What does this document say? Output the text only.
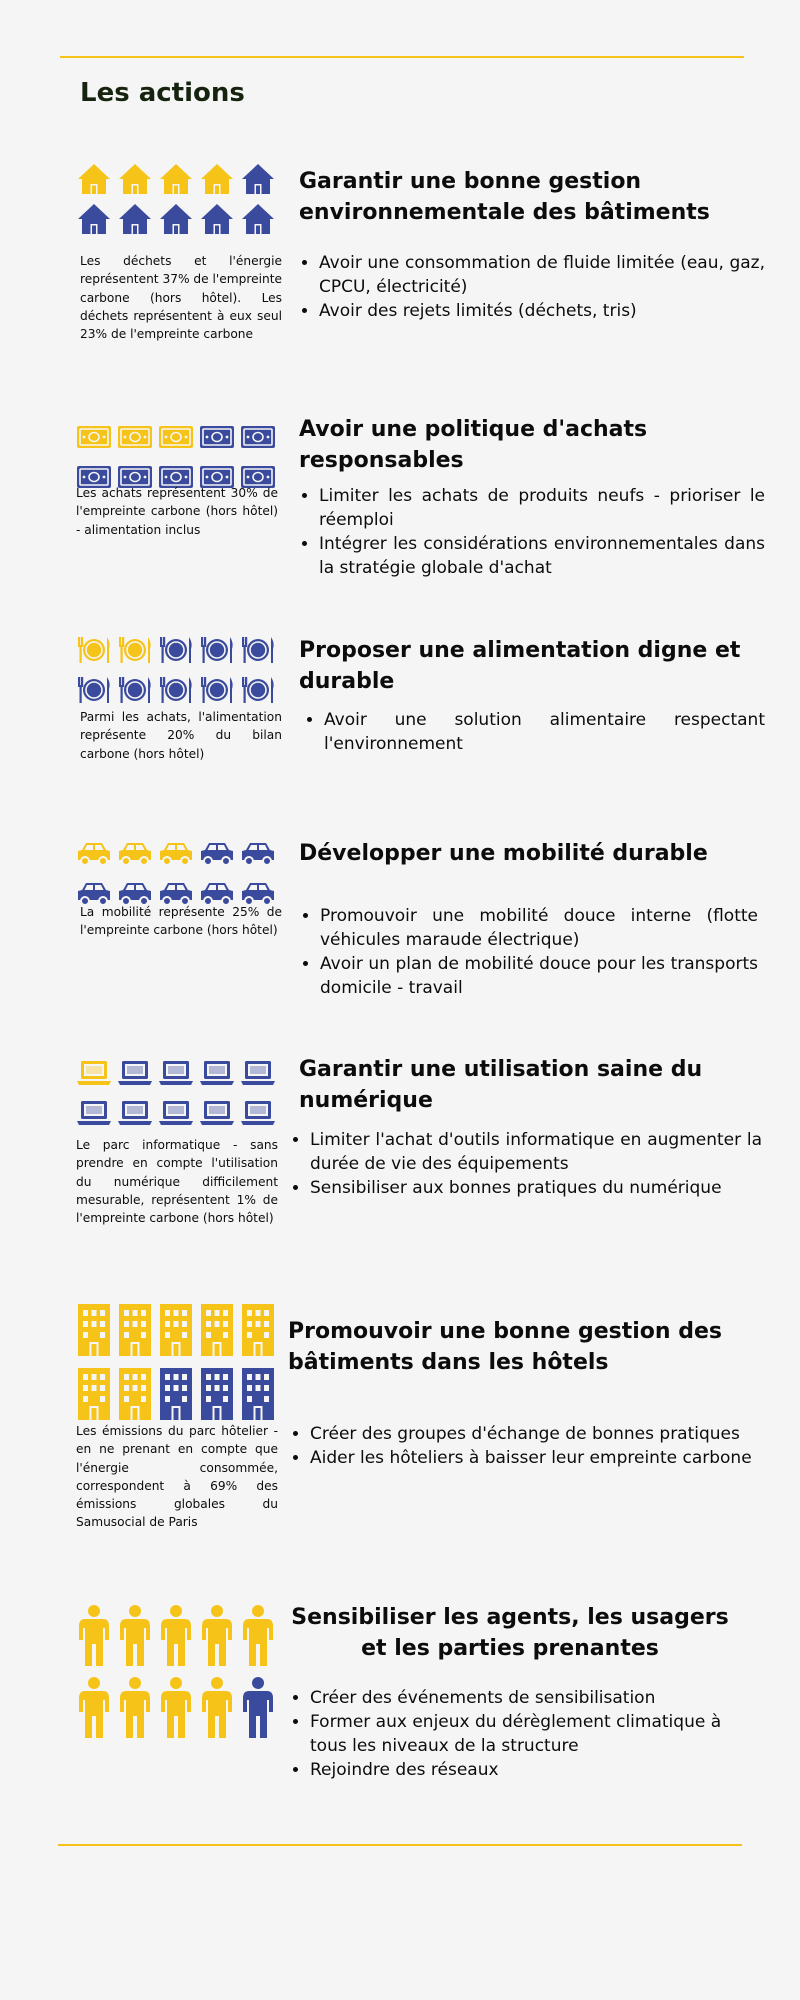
Les actions

Les déchets et l'énergie représentent 37% de l'empreinte carbone (hors hôtel). Les déchets représentent à eux seul 23% de l'empreinte carbone

Garantir une bonne gestion environnementale des bâtiments
• Avoir une consommation de fluide limitée (eau, gaz, CPCU, électricité)
• Avoir des rejets limités (déchets, tris)

Les achats représentent 30% de l'empreinte carbone (hors hôtel) - alimentation inclus

Avoir une politique d'achats responsables
• Limiter les achats de produits neufs - prioriser le réemploi
• Intégrer les considérations environnementales dans la stratégie globale d'achat

Parmi les achats, l'alimentation représente 20% du bilan carbone (hors hôtel)

Proposer une alimentation digne et durable
• Avoir une solution alimentaire respectant l'environnement

La mobilité représente 25% de l'empreinte carbone (hors hôtel)

Développer une mobilité durable
• Promouvoir une mobilité douce interne (flotte véhicules maraude électrique)
• Avoir un plan de mobilité douce pour les transports domicile - travail

Le parc informatique - sans prendre en compte l'utilisation du numérique difficilement mesurable, représentent 1% de l'empreinte carbone (hors hôtel)

Garantir une utilisation saine du numérique
• Limiter l'achat d'outils informatique en augmenter la durée de vie des équipements
• Sensibiliser aux bonnes pratiques du numérique

Les émissions du parc hôtelier - en ne prenant en compte que l'énergie consommée, correspondent à 69% des émissions globales du Samusocial de Paris

Promouvoir une bonne gestion des bâtiments dans les hôtels
• Créer des groupes d'échange de bonnes pratiques
• Aider les hôteliers à baisser leur empreinte carbone
Sensibiliser les agents, les usagers et les parties prenantes
• Créer des événements de sensibilisation
• Former aux enjeux du dérèglement climatique à tous les niveaux de la structure
• Rejoindre des réseaux
